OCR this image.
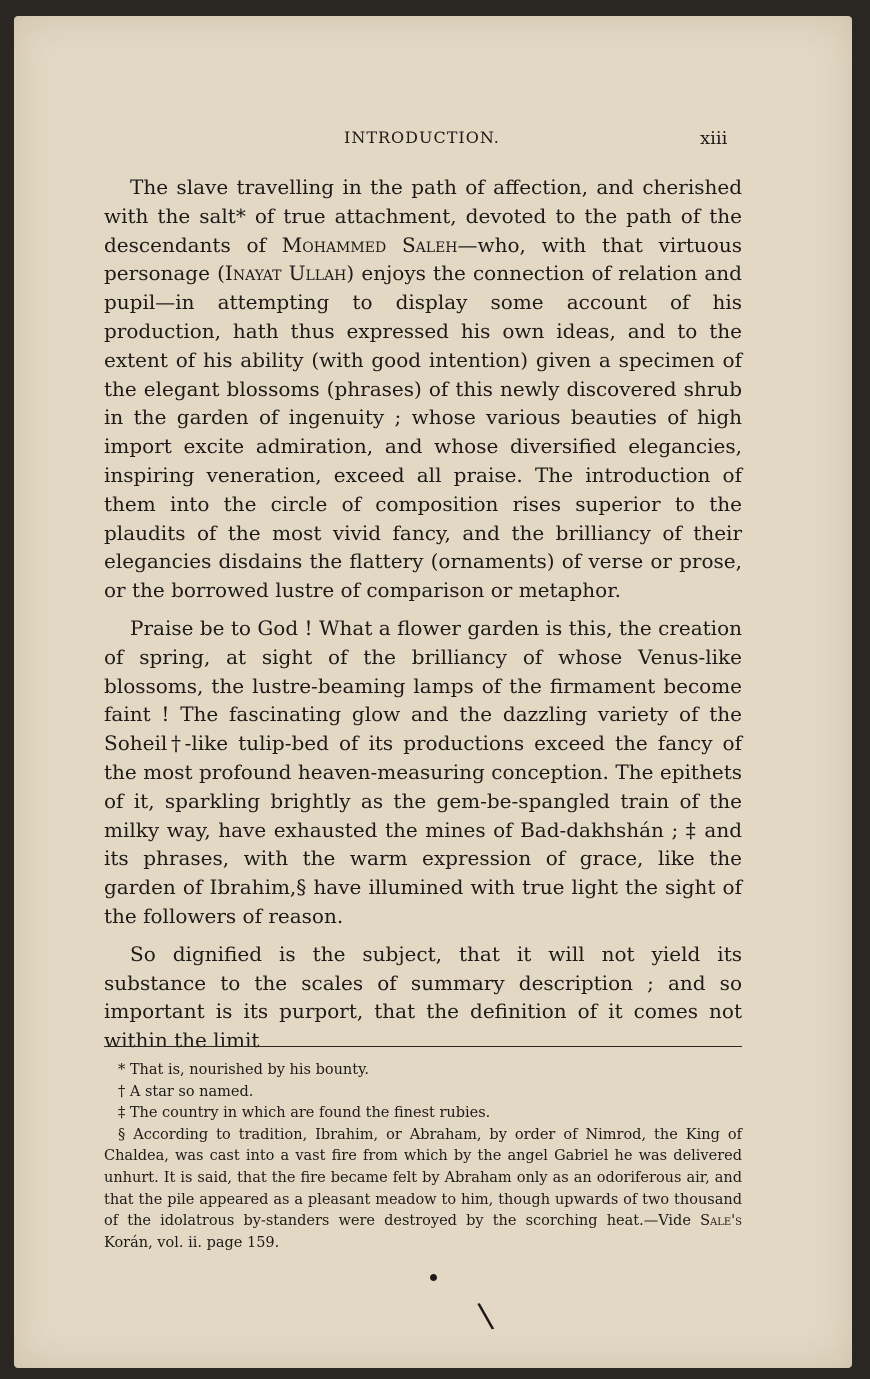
INTRODUCTION.	xiii

The slave travelling in the path of affection, and cherished with the salt* of true attachment, devoted to the path of the descendants of Mohammed Saleh—who, with that virtuous personage (Inayat Ullah) enjoys the connection of relation and pupil—in attempting to display some account of his production, hath thus expressed his own ideas, and to the extent of his ability (with good intention) given a specimen of the elegant blossoms (phrases) of this newly discovered shrub in the garden of ingenuity ; whose various beauties of high import excite admiration, and whose diversified elegancies, inspiring veneration, exceed all praise. The introduction of them into the circle of composition rises superior to the plaudits of the most vivid fancy, and the brilliancy of their elegancies disdains the flattery (ornaments) of verse or prose, or the borrowed lustre of comparison or metaphor.

Praise be to God ! What a flower garden is this, the creation of spring, at sight of the brilliancy of whose Venus-like blossoms, the lustre-beaming lamps of the firmament become faint ! The fascinating glow and the dazzling variety of the Soheil†-like tulip-bed of its productions exceed the fancy of the most profound heaven-measuring conception. The epithets of it, sparkling brightly as the gem-be-spangled train of the milky way, have exhausted the mines of Bad-dakhshán ; ‡ and its phrases, with the warm expression of grace, like the garden of Ibrahim,§ have illumined with true light the sight of the followers of reason.

So dignified is the subject, that it will not yield its substance to the scales of summary description ; and so important is its purport, that the definition of it comes not within the limit

* That is, nourished by his bounty.

† A star so named.

‡ The country in which are found the finest rubies.

§ According to tradition, Ibrahim, or Abraham, by order of Nimrod, the King of Chaldea, was cast into a vast fire from which by the angel Gabriel he was delivered unhurt. It is said, that the fire became felt by Abraham only as an odoriferous air, and that the pile appeared as a pleasant meadow to him, though upwards of two thousand of the idolatrous by-standers were destroyed by the scorching heat.—Vide Sale's Korán, vol. ii. page 159.

\
